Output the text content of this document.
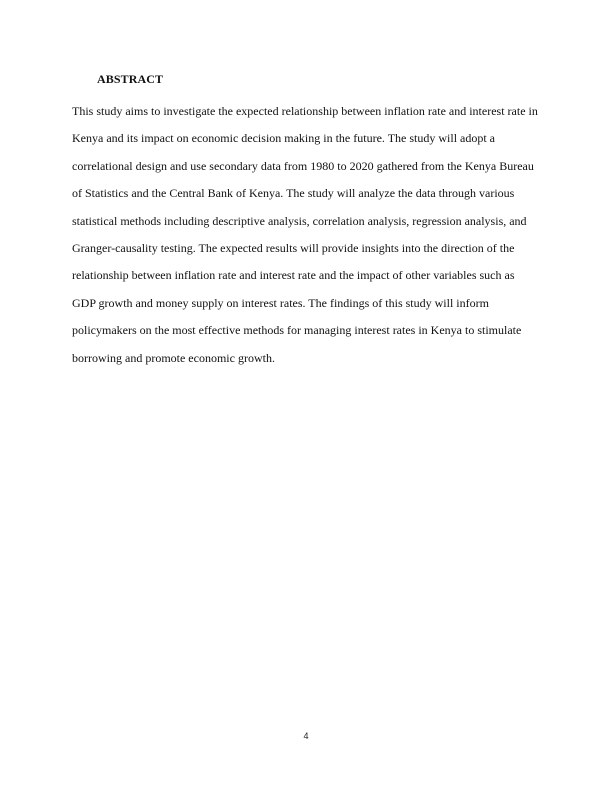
ABSTRACT
This study aims to investigate the expected relationship between inflation rate and interest rate in
Kenya and its impact on economic decision making in the future. The study will adopt a
correlational design and use secondary data from 1980 to 2020 gathered from the Kenya Bureau
of Statistics and the Central Bank of Kenya. The study will analyze the data through various
statistical methods including descriptive analysis, correlation analysis, regression analysis, and
Granger-causality testing. The expected results will provide insights into the direction of the
relationship between inflation rate and interest rate and the impact of other variables such as
GDP growth and money supply on interest rates. The findings of this study will inform
policymakers on the most effective methods for managing interest rates in Kenya to stimulate
borrowing and promote economic growth.
4
